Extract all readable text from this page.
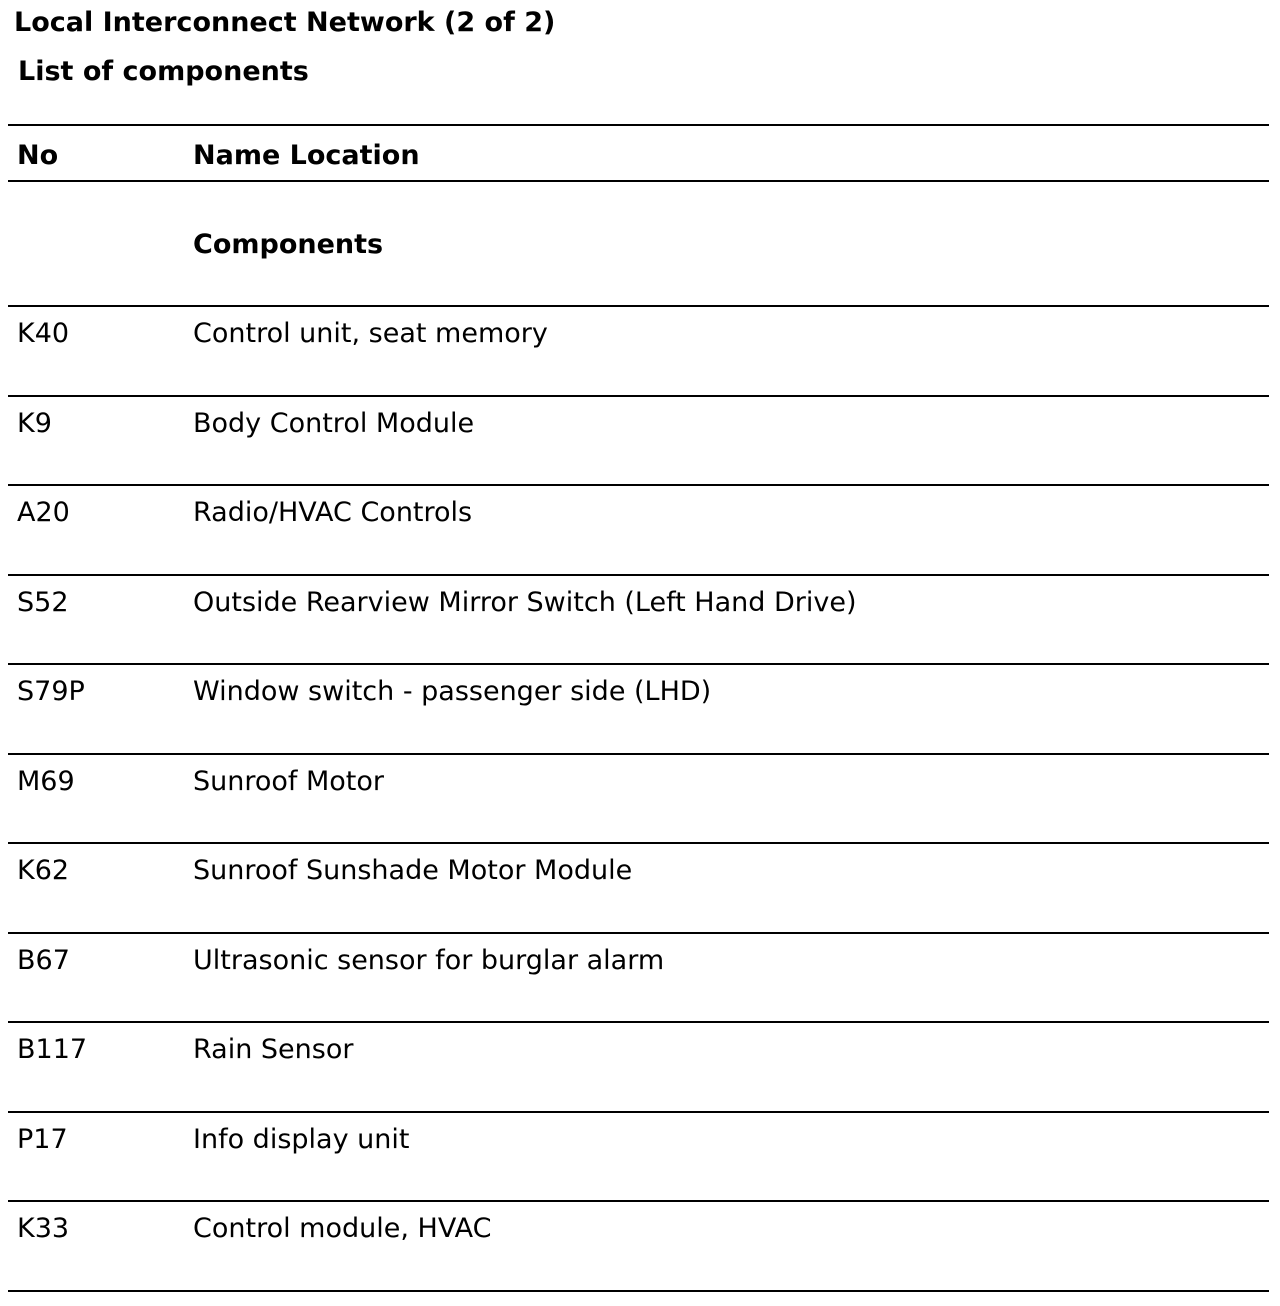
Local Interconnect Network (2 of 2)
List of components
No	Name Location
Components
K40	Control unit, seat memory
K9	Body Control Module
A20	Radio/HVAC Controls
S52	Outside Rearview Mirror Switch (Left Hand Drive)
S79P	Window switch - passenger side (LHD)
M69	Sunroof Motor
K62	Sunroof Sunshade Motor Module
B67	Ultrasonic sensor for burglar alarm
B117	Rain Sensor
P17	Info display unit
K33	Control module, HVAC
